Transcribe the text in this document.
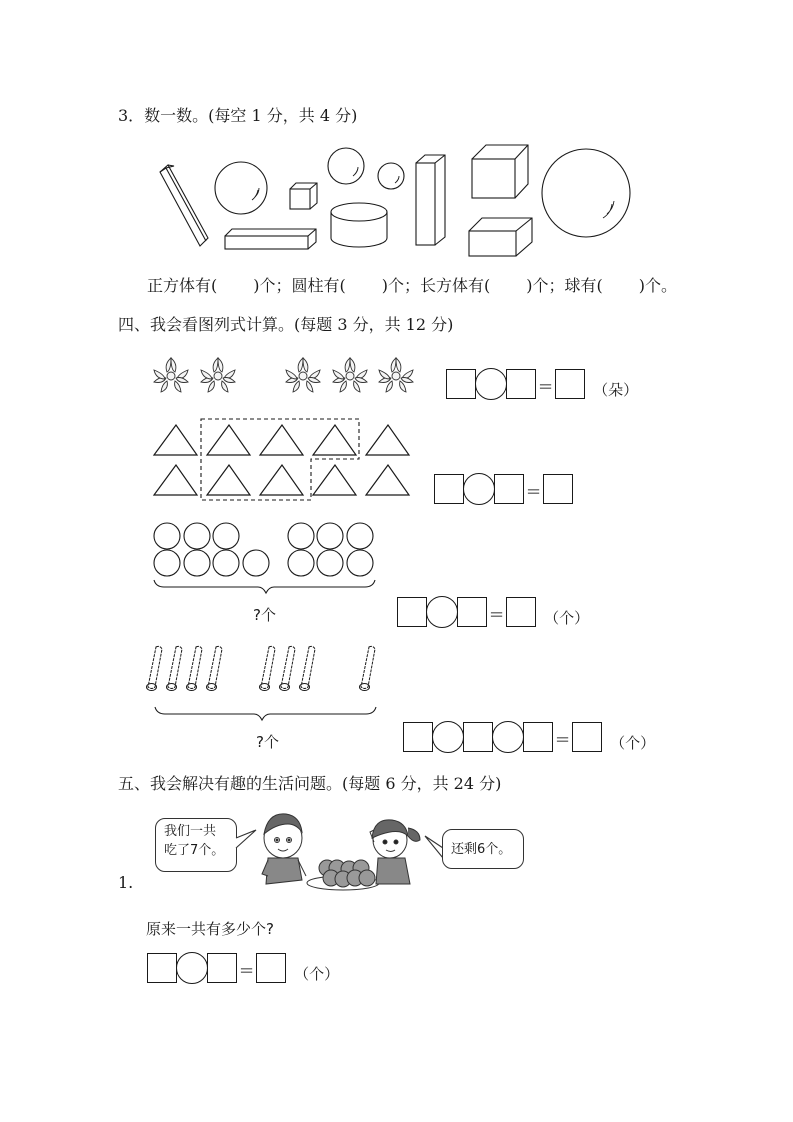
3．数一数。(每空 1 分，共 4 分)
正方体有( )个；圆柱有( )个；长方体有( )个；球有( )个。
四、我会看图列式计算。(每题 3 分，共 12 分)
=	（朵）
=
?个	=	（个）
?个	=	（个）
五、我会解决有趣的生活问题。(每题 6 分，共 24 分)
我们一共
吃了7个。	还剩6个。
1.
原来一共有多少个?
=	（个）
